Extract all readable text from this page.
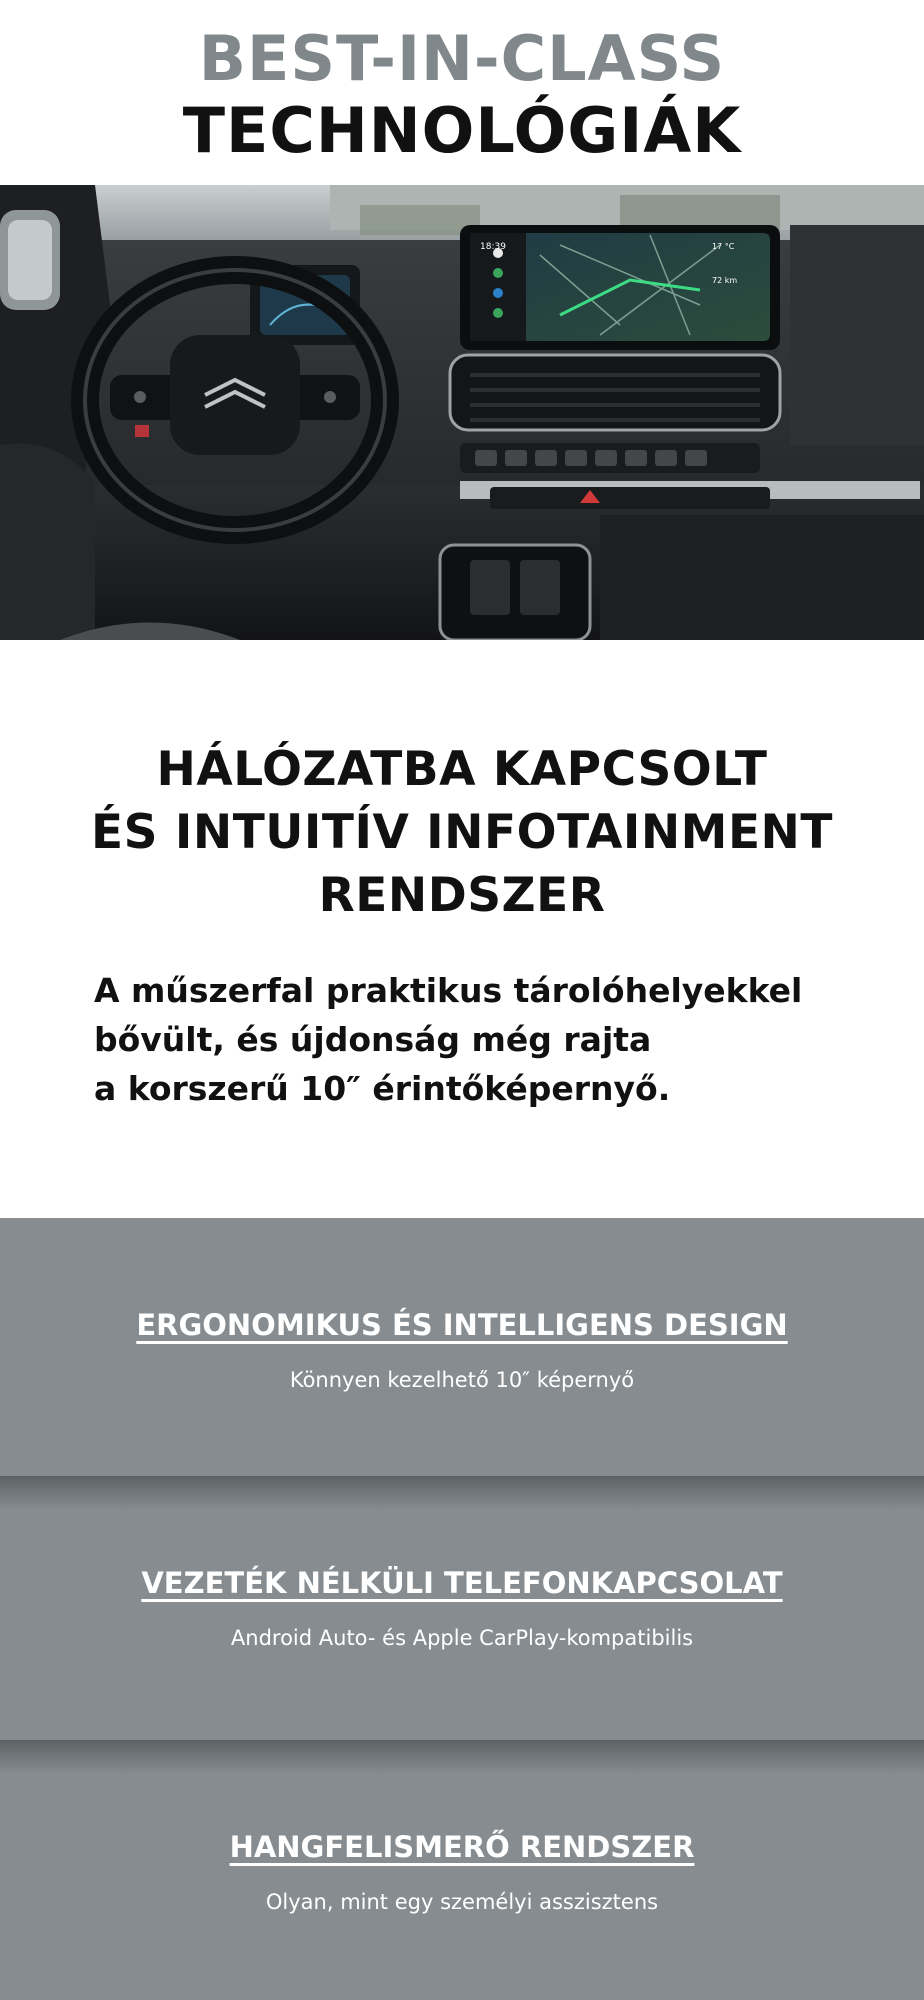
BEST-IN-CLASS
TECHNOLÓGIÁK
18:39
72 km
17 °C
HÁLÓZATBA KAPCSOLT
ÉS INTUITÍV INFOTAINMENT
RENDSZER
A műszerfal praktikus tárolóhelyekkel
bővült, és újdonság még rajta
a korszerű 10″ érintőképernyő.
ERGONOMIKUS ÉS INTELLIGENS DESIGN
Könnyen kezelhető 10″ képernyő
VEZETÉK NÉLKÜLI TELEFONKAPCSOLAT
Android Auto- és Apple CarPlay-kompatibilis
HANGFELISMERŐ RENDSZER
Olyan, mint egy személyi asszisztens
